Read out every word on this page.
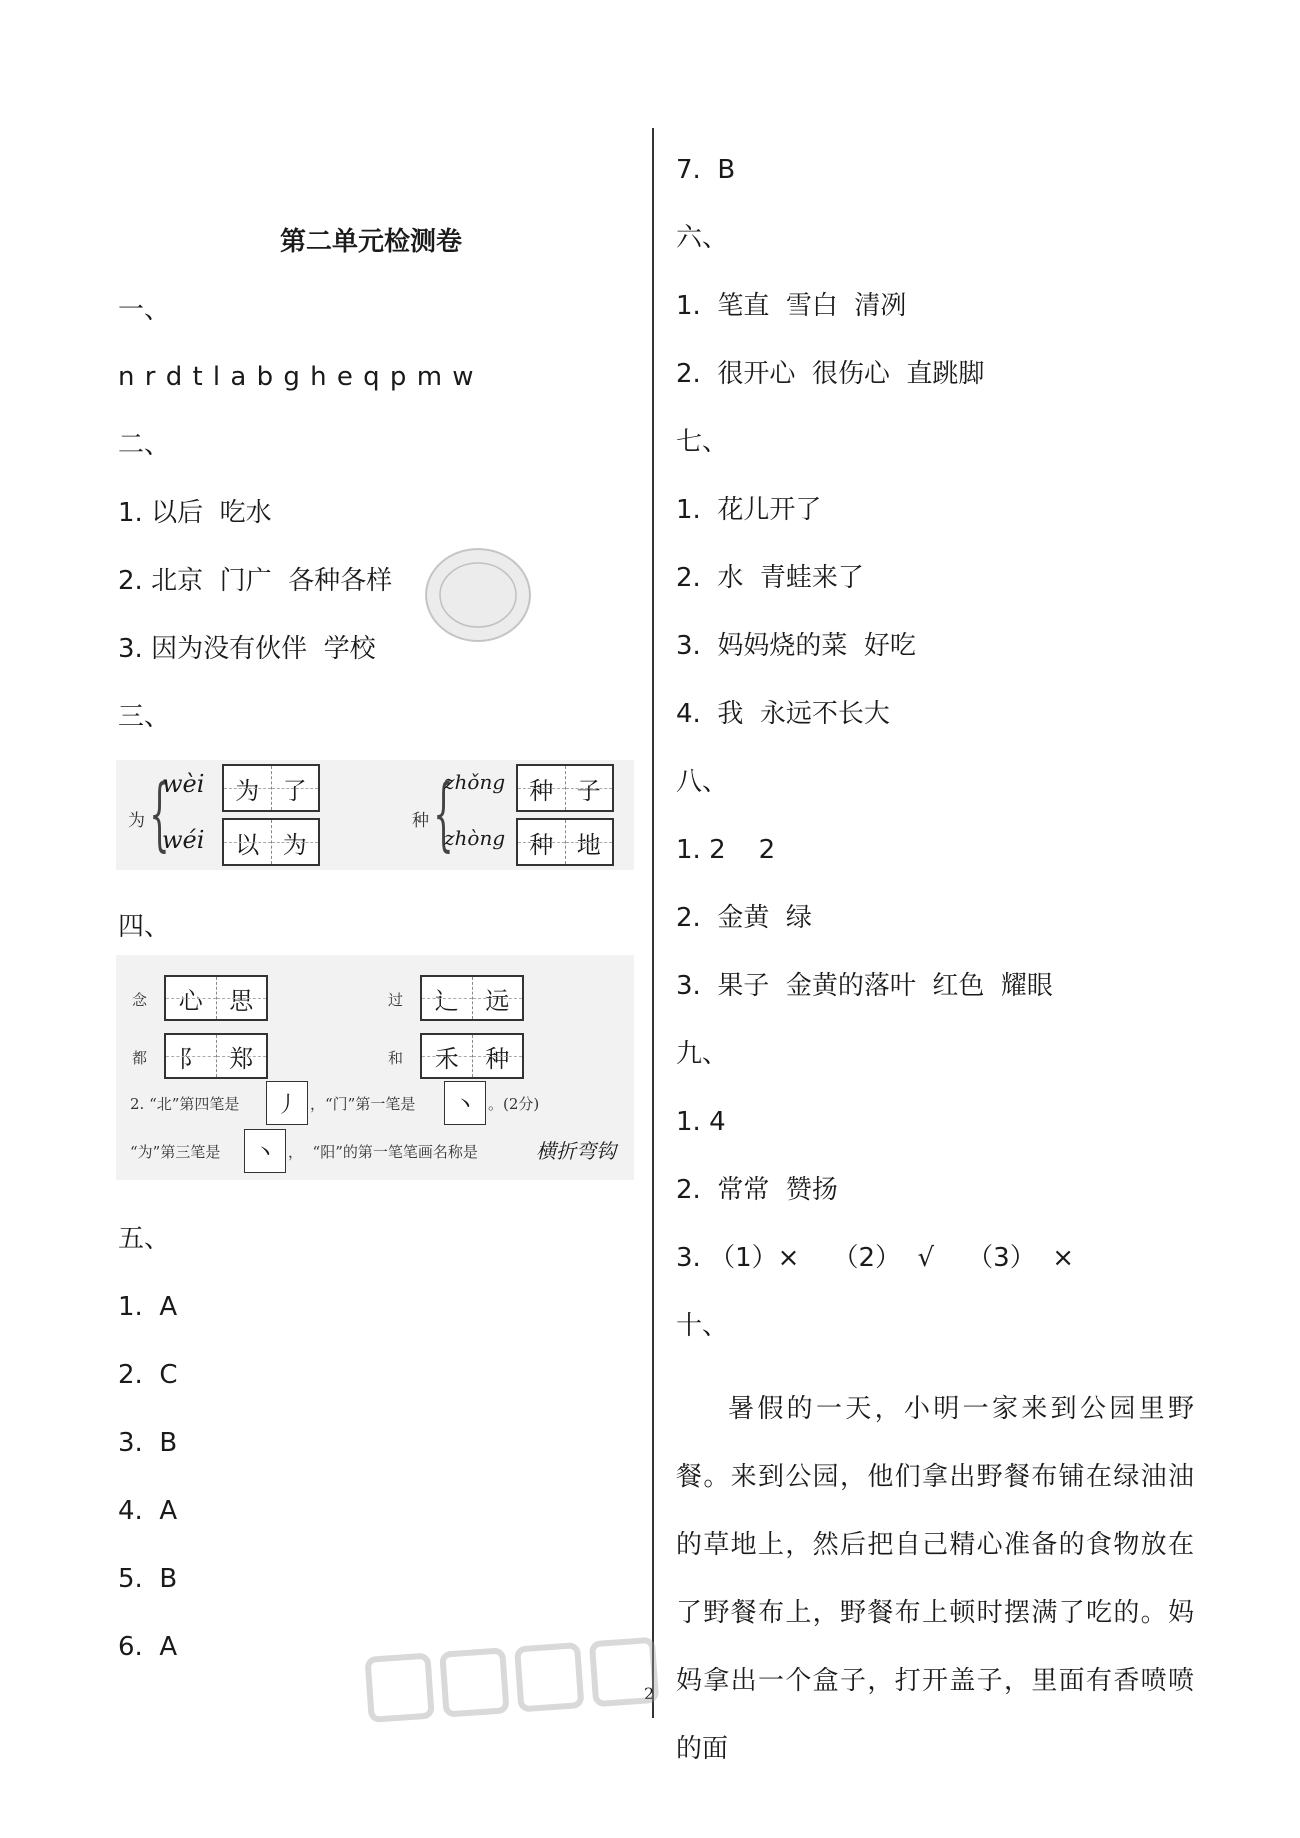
第二单元检测卷
一、
n r d t l a b g h e q p m w
二、
1. 以后  吃水
2. 北京  门广  各种各样
3. 因为没有伙伴  学校
三、
为 {
wèi
wéi
为 了
以 为
种 {
zhǒng
zhòng
种 子
种 地
四、
念	心	思
都	阝	郑
过	辶	远
和	禾	种
2. “北”第四笔是	丿 ，“门”第一笔是	丶 。(2分)
“为”第三笔是	丶 ，  “阳”的第一笔笔画名称是	横折弯钩
五、
1.  A
2.  C
3.  B
4.  A
5.  B
6.  A
7.  B
六、
1.  笔直  雪白  清冽
2.  很开心  很伤心  直跳脚
七、
1.  花儿开了
2.  水  青蛙来了
3.  妈妈烧的菜  好吃
4.  我  永远不长大
八、
1. 2    2
2.  金黄  绿
3.  果子  金黄的落叶  红色  耀眼
九、
1. 4
2.  常常  赞扬
3. （1）×    （2）  √    （3）  ×
十、
暑假的一天，小明一家来到公园里野餐。来到公园，他们拿出野餐布铺在绿油油的草地上，然后把自己精心准备的食物放在了野餐布上，野餐布上顿时摆满了吃的。妈妈拿出一个盒子，打开盖子，里面有香喷喷的面
2
